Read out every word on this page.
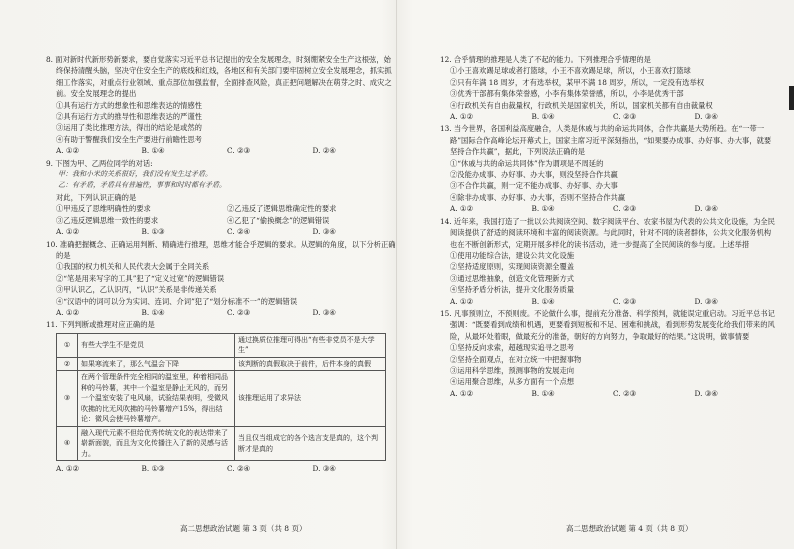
8. 面对新时代新形势新要求，要自觉落实习近平总书记提出的安全发展理念，时刻绷紧安全生产这根弦，始终保持清醒头脑，坚决守住安全生产的底线和红线，各地区和有关部门要牢固树立安全发展理念，抓实抓细工作落实，对重点行业领域、重点部位加强监督，全面排查风险，真正把问题解决在萌芽之时、成灾之前。安全发展理念的提出
①具有运行方式的想象性和思维表达的情感性
②具有运行方式的推导性和思维表达的严谨性
③运用了类比推理方法，得出的结论是或然的
④有助于警醒我们安全生产要进行前瞻性思考
A. ①②	B. ①④	C. ②③	D. ②④
9. 下图为甲、乙两位同学的对话:
甲：我和小米的关系很好，我们没有发生过矛盾。
乙：有矛盾，矛盾具有普遍性，事事和时时都有矛盾。
对此，下列认识正确的是
①甲违反了思维明确性的要求	②乙违反了逻辑思维确定性的要求
③乙违反逻辑思维一致性的要求	④乙犯了“偷换概念”的逻辑错误
A. ①②	B. ①③	C. ②④	D. ③④
10. 准确把握概念、正确运用判断、精确进行推理，思维才能合乎逻辑的要求。从逻辑的角度，以下分析正确的是
①我国的权力机关和人民代表大会属于全同关系
②“笔是用来写字的工具”犯了“定义过宽”的逻辑错误
③甲认识乙，乙认识丙，“认识”关系是非传递关系
④“汉语中的词可以分为实词、连词、介词”犯了“划分标准不一”的逻辑错误
A. ①②	B. ①④	C. ②③	D. ③④
11. 下列判断或推理对应正确的是
①	有些大学生不是党员	通过换质位推理可得出“有些非党员不是大学生”
②	如果寒流来了，那么气温会下降	该判断的真假取决于前件，后件本身的真假
③	在两个管理条件完全相同的温室里，种着相同品种的马铃薯，其中一个温室是静止无风的，而另一个温室安装了电风扇，试验结果表明，受微风吹拂的比无风吹拂的马铃薯增产15%，得出结论：微风会使马铃薯增产。	该推理运用了求异法
④	融入现代元素不但给优秀传统文化的表达带来了崭新面貌，而且为文化传播注入了新的灵感与活力。	当且仅当组成它的各个选言支是真的，这个判断才是真的
A. ①②	B. ①③	C. ②④	D. ③④
12. 合乎情理的推理是人类了不起的能力。下列推理合乎情理的是
①小王喜欢踢足球或者打篮球，小王不喜欢踢足球，所以，小王喜欢打篮球
②只有年满 18 周岁，才有选举权，某甲不满 18 周岁，所以，一定没有选举权
③优秀干部都有集体荣誉感，小李有集体荣誉感，所以，小李是优秀干部
④行政机关有自由裁量权，行政机关是国家机关，所以，国家机关都有自由裁量权
A. ①②	B. ①④	C. ②③	D. ③④
13. 当今世界，各国利益高度融合，人类是休戚与共的命运共同体，合作共赢是大势所趋。在“一带一路”国际合作高峰论坛开幕式上，国家主席习近平深刻指出，“如果要办成事、办好事、办大事，就要坚持合作共赢”，据此，下列说法正确的是
①“休戚与共的命运共同体”作为谓项是不周延的
②没能办成事、办好事、办大事，则没坚持合作共赢
③不合作共赢，则一定不能办成事、办好事、办大事
④除非办成事、办好事、办大事，否则不坚持合作共赢
A. ①②	B. ①④	C. ②③	D. ③④
14. 近年来，我国打造了一批以公共阅读空间、数字阅读平台、农家书屋为代表的公共文化设施，为全民阅读提供了舒适的阅读环境和丰富的阅读资源。与此同时，针对不同的读者群体，公共文化服务机构也在不断创新形式，定期开展多样化的读书活动，进一步提高了全民阅读的参与度。上述举措
①使用功能综合法，建设公共文化设施
②坚持适度原则，实现阅读资源全覆盖
③通过思维抽象，创造文化管理新方式
④坚持矛盾分析法，提升文化服务质量
A. ①②	B. ①④	C. ②③	D. ③④
15. 凡事预则立，不预则废。不论做什么事，提前充分准备、科学预判，就能误定重启动。习近平总书记强调：“既要看到成绩和机遇，更要看到短板和不足、困难和挑战，看到形势发展变化给我们带来的风险，从最坏处着眼，做最充分的准备，朝好的方向努力，争取最好的结果。”这说明，做事情要
①坚持反向求索，超越现实追寻之思考
②坚持全面观点，在对立统一中把握事物
③运用科学思维，预测事物的发展走向
④运用聚合思维，从多方面有一个点想
A. ①②	B. ①④	C. ②③	D. ③④
高二思想政治试题 第 3 页（共 8 页）	高二思想政治试题 第 4 页（共 8 页）
